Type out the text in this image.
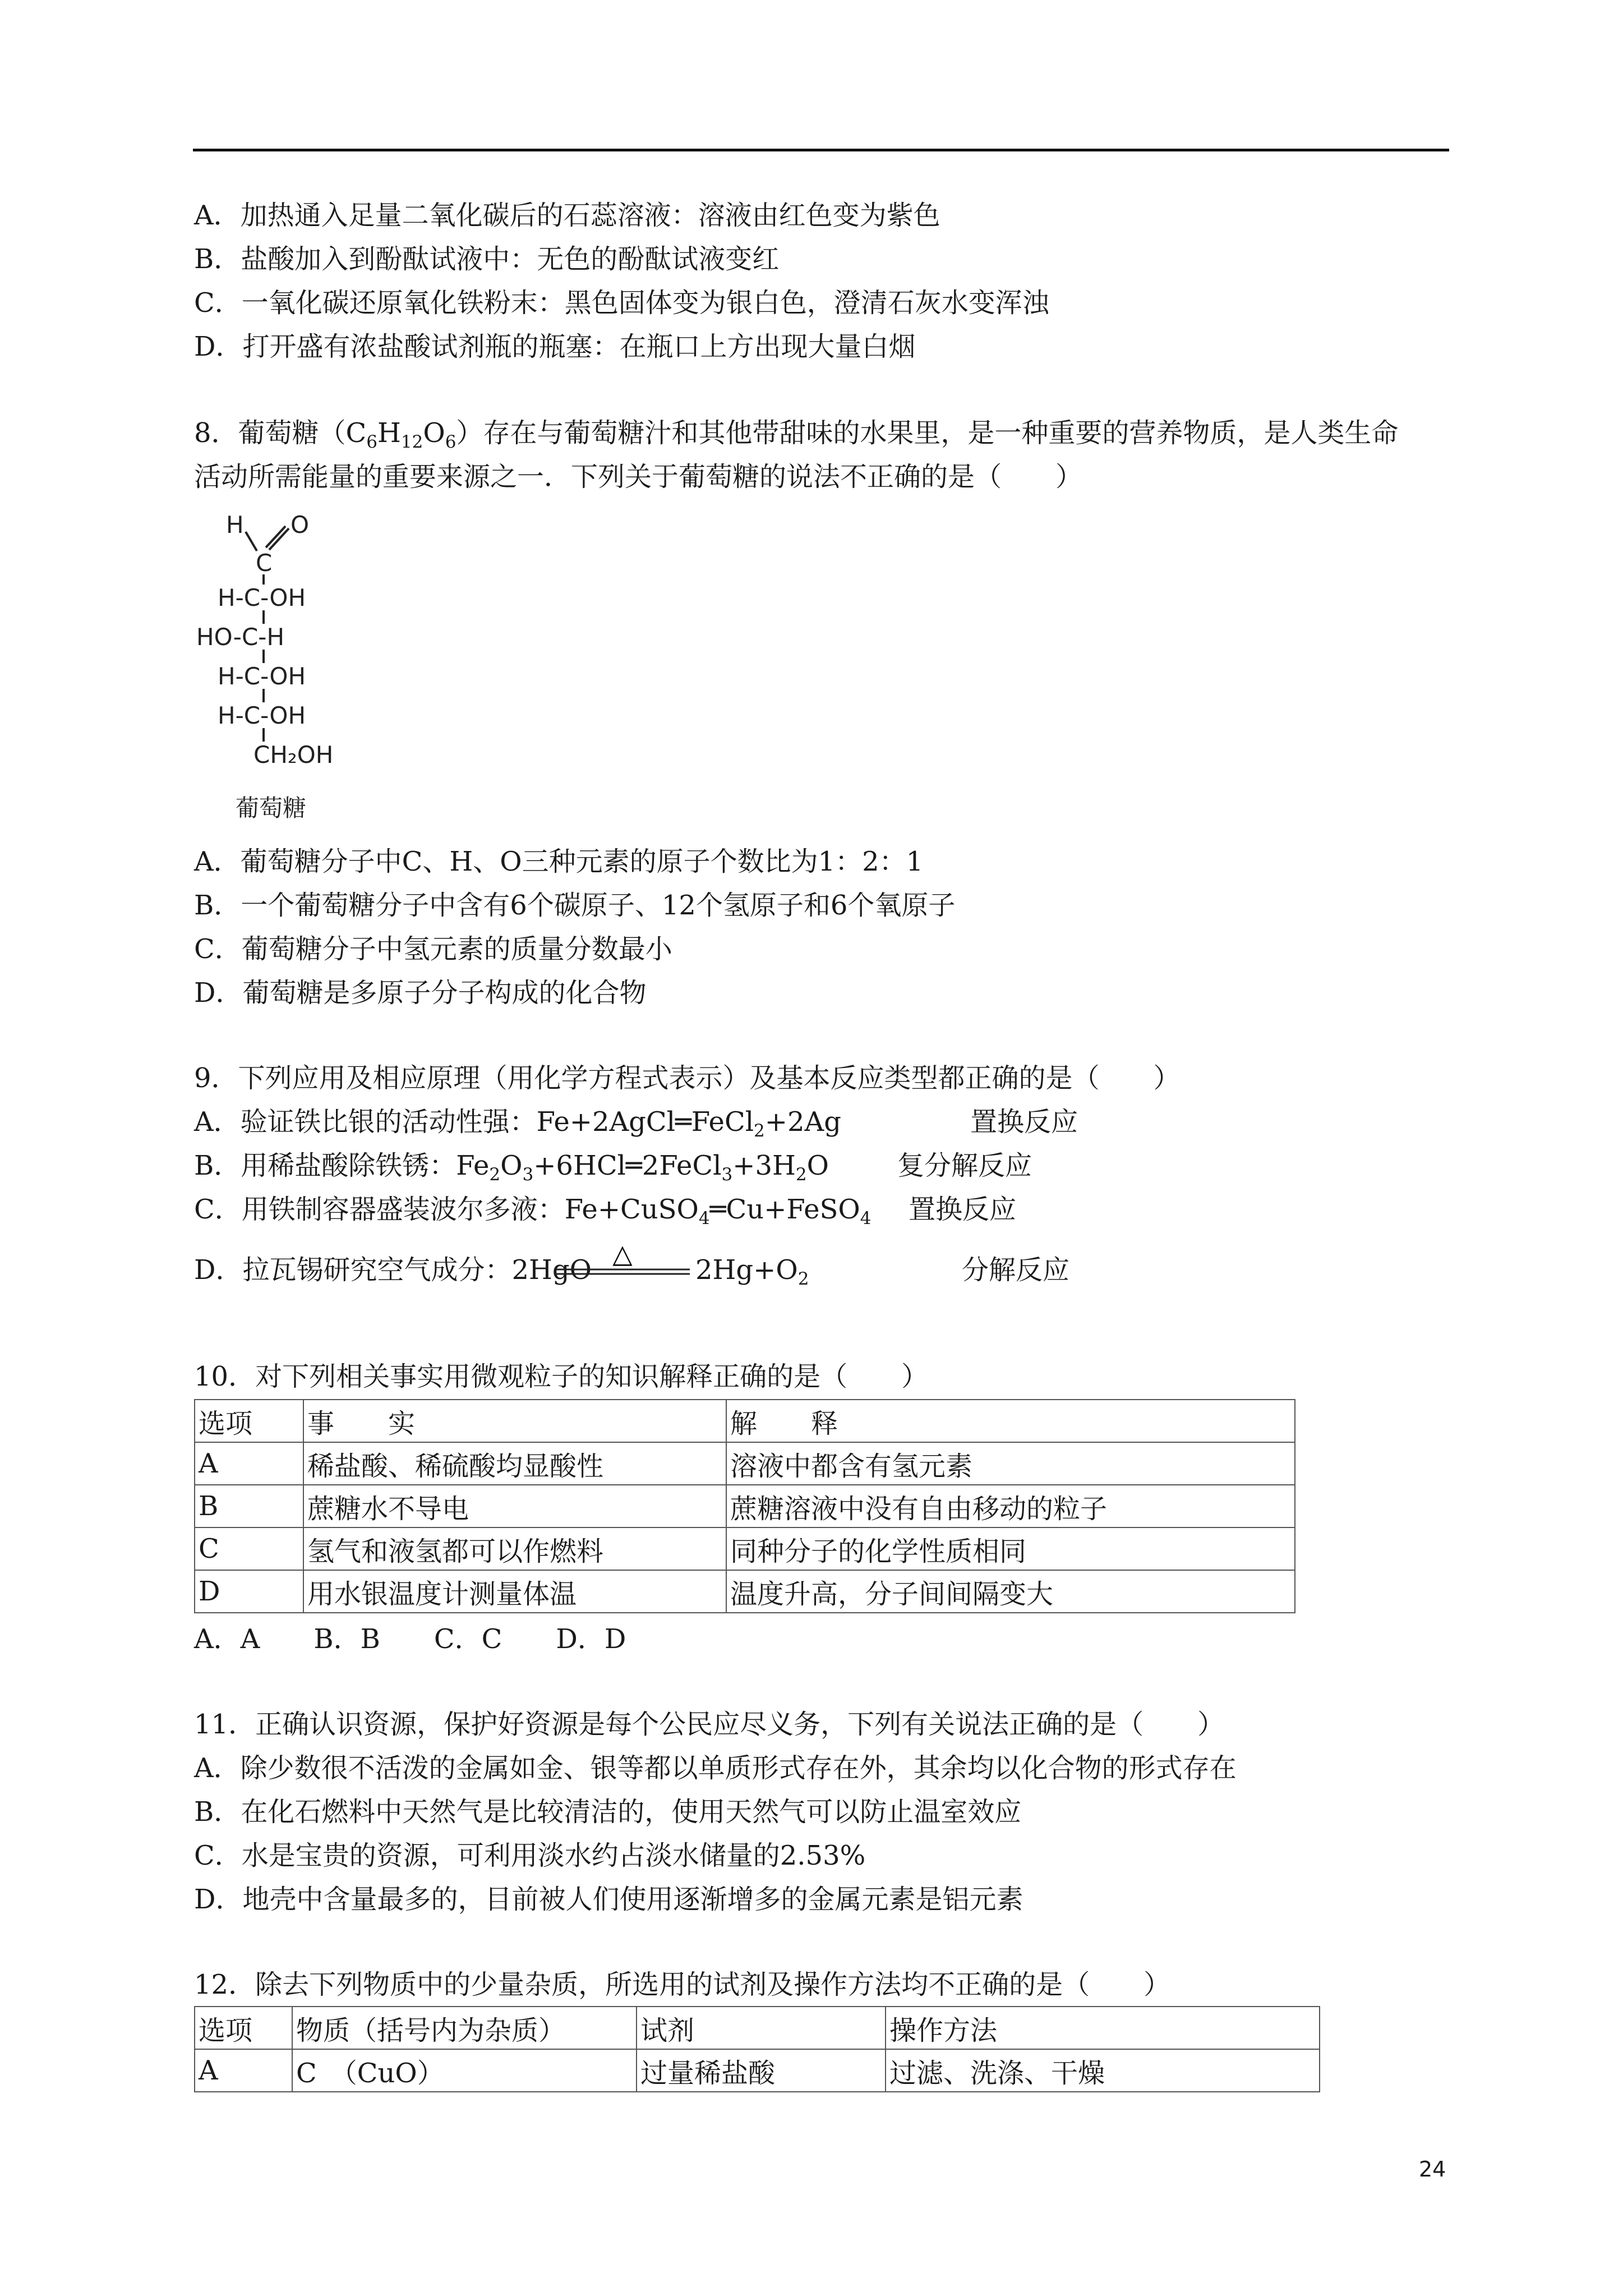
A．加热通入足量二氧化碳后的石蕊溶液：溶液由红色变为紫色
B．盐酸加入到酚酞试液中：无色的酚酞试液变红
C．一氧化碳还原氧化铁粉末：黑色固体变为银白色，澄清石灰水变浑浊
D．打开盛有浓盐酸试剂瓶的瓶塞：在瓶口上方出现大量白烟
8．葡萄糖$(C_6H_{12}O_6)$存在与葡萄糖汁和其他带甜味的水果里，是一种重要的营养物质，是人类生命
活动所需能量的重要来源之一．下列关于葡萄糖的说法不正确的是（　　）
H O
C
H-C-OH
HO-C-H
H-C-OH
H-C-OH
CH₂OH
葡萄糖
A．葡萄糖分子中C、H、O三种元素的原子个数比为1：2：1
B．一个葡萄糖分子中含有6个碳原子、12个氢原子和6个氧原子
C．葡萄糖分子中氢元素的质量分数最小
D．葡萄糖是多原子分子构成的化合物
9．下列应用及相应原理（用化学方程式表示）及基本反应类型都正确的是（　　）
A．验证铁比银的活动性强：Fe+2AgCl═FeCl$_2$+2Ag	置换反应
B．用稀盐酸除铁锈：$Fe_2O_3+6HCl═2FeCl_3+3H_2O$	复分解反应
C．用铁制容器盛装波尔多液：Fe+CuSO$_4$═Cu+FeSO$_4$ 置换反应
D．拉瓦锡研究空气成分：2HgO
△
$2Hg+O_2$	分解反应
10．对下列相关事实用微观粒子的知识解释正确的是（　　）
选项	事　　实	解　　释
A	稀盐酸、稀硫酸均显酸性	溶液中都含有氢元素
B	蔗糖水不导电	蔗糖溶液中没有自由移动的粒子
C	氢气和液氢都可以作燃料	同种分子的化学性质相同
D	用水银温度计测量体温	温度升高，分子间间隔变大
A．A　　B．B　　C．C　　D．D
11．正确认识资源，保护好资源是每个公民应尽义务，下列有关说法正确的是（　　）
A．除少数很不活泼的金属如金、银等都以单质形式存在外，其余均以化合物的形式存在
B．在化石燃料中天然气是比较清洁的，使用天然气可以防止温室效应
C．水是宝贵的资源，可利用淡水约占淡水储量的2.53%
D．地壳中含量最多的，目前被人们使用逐渐增多的金属元素是铝元素
12．除去下列物质中的少量杂质，所选用的试剂及操作方法均不正确的是（　　）
选项	物质（括号内为杂质）	试剂	操作方法
A	C　（CuO）	过量稀盐酸	过滤、洗涤、干燥
24
